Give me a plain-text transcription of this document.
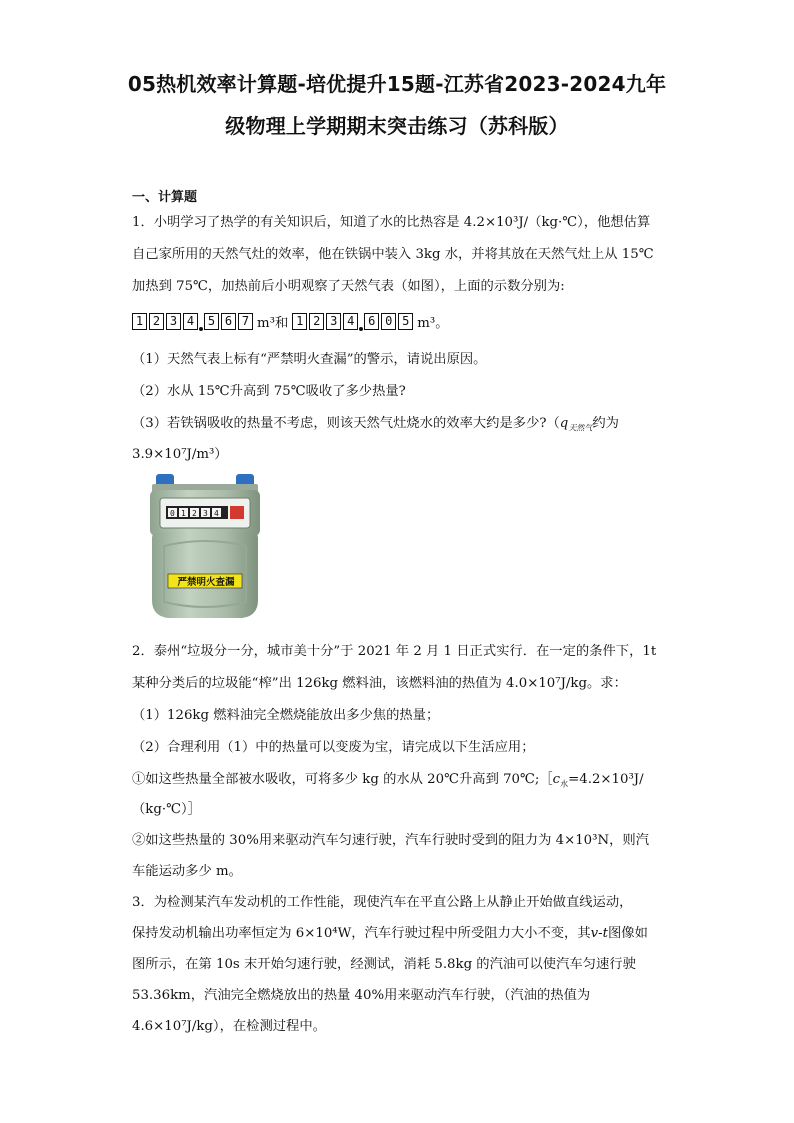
05热机效率计算题-培优提升15题-江苏省2023-2024九年
级物理上学期期末突击练习（苏科版）
一、计算题
1．小明学习了热学的有关知识后，知道了水的比热容是 4.2×10³J/（kg·℃），他想估算
自己家所用的天然气灶的效率，他在铁锅中装入 3kg 水，并将其放在天然气灶上从 15℃
加热到 75℃，加热前后小明观察了天然气表（如图），上面的示数分别为:
1 2 3 4	5 6 7 m³和 1 2 3 4	6 0 5 m³。
（1）天然气表上标有“严禁明火查漏”的警示，请说出原因。
（2）水从 15℃升高到 75℃吸收了多少热量?
（3）若铁锅吸收的热量不考虑，则该天然气灶烧水的效率大约是多少$?(q_{天然气}$约为
3.9×10⁷J/m³）
0 1 2 3 4
严禁明火查漏
2．泰州“垃圾分一分，城市美十分”于 2021 年 2 月 1 日正式实行．在一定的条件下，1t
某种分类后的垃圾能“榨”出 126kg 燃料油，该燃料油的热值为 4.0×10⁷J/kg。求：
（1）126kg 燃料油完全燃烧能放出多少焦的热量；
（2）合理利用（1）中的热量可以变废为宝，请完成以下生活应用；
①如这些热量全部被水吸收，可将多少 kg 的水从 20℃升高到 $70℃;[c_水=4.2\times 10^3J/$
（kg·℃）］
②如这些热量的 30%用来驱动汽车匀速行驶，汽车行驶时受到的阻力为 4×10³N，则汽
车能运动多少 m。
3．为检测某汽车发动机的工作性能，现使汽车在平直公路上从静止开始做直线运动，
保持发动机输出功率恒定为 6×10⁴W，汽车行驶过程中所受阻力大小不变，其v-t图像如
图所示，在第 10s 末开始匀速行驶，经测试，消耗 5.8kg 的汽油可以使汽车匀速行驶
53.36km，汽油完全燃烧放出的热量 40%用来驱动汽车行驶，（汽油的热值为
4.6×10⁷J/kg），在检测过程中。
